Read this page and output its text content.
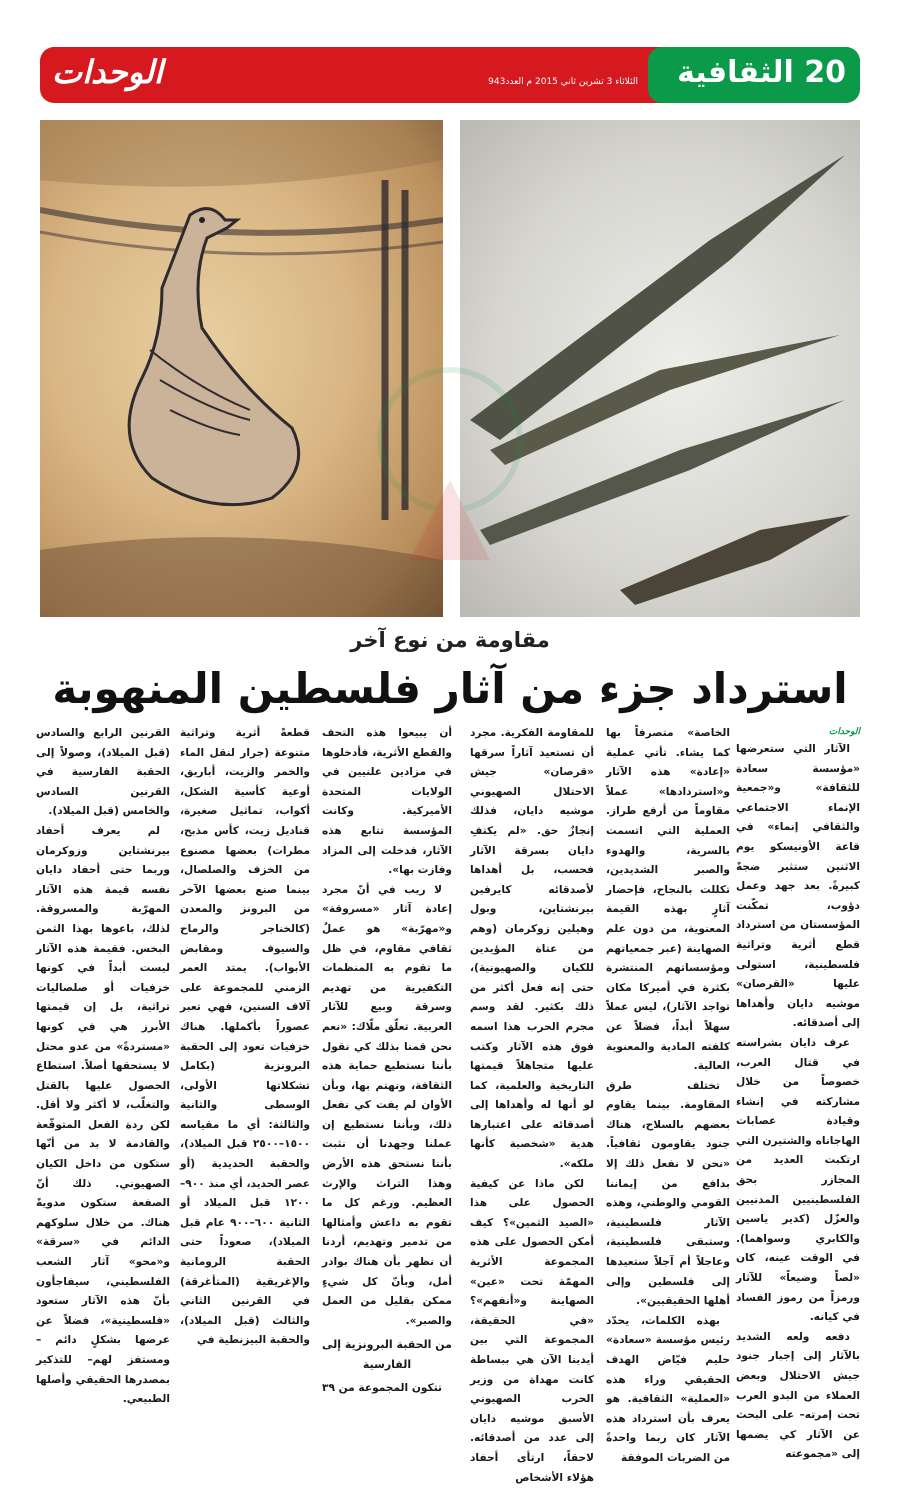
20 الثقافية
الوحدات	الثلاثاء 3 تشرين ثاني 2015 م العدد943
مقاومة من نوع آخر
استرداد جزء من آثار فلسطين المنهوبة
الوحدات

الآثار التي ستعرضها «مؤسسة سعادة للثقافة» و«جمعية الإنماء الاجتماعي والثقافي إنماء» في قاعة الأونيسكو يوم الاثنين ستثير ضجةً كبيرةً. بعد جهد وعمل دؤوب، تمكّنت المؤسستان من استرداد قطع أثرية وتراثية فلسطينية، استولى عليها «القرصان» موشيه دايان وأهداها إلى أصدقائه.

عرف دايان بشراسته في قتال العرب، خصوصاً من خلال مشاركته في إنشاء وقيادة عصابات الهاجاناه والشتيرن التي ارتكبت العديد من المجازر بحق الفلسطينيين المدنيين والعزّل (كدير ياسين والكابري وسواهما). في الوقت عينه، كان «لصاً وضيعاً» للآثار ورمزاً من رموز الفساد في كيانه.

دفعه ولعه الشديد بالآثار إلى إجبار جنود جيش الاحتلال وبعض العملاء من البدو العرب تحت إمرته– على البحث عن الآثار كي يضمها إلى «مجموعته

الخاصة» متصرفاً بها كما يشاء. تأتي عملية «إعادة» هذه الآثار و«استردادها» عملاً مقاوماً من أرفع طراز. العملية التي اتسمت بالسرية، والهدوء والصبر الشديدين، تكللت بالنجاح، فإحضار آثارٍ بهذه القيمة المعنوية، من دون علم الصهاينة (عبر جمعياتهم ومؤسساتهم المنتشرة بكثرة في أميركا مكان تواجد الآثار)، ليس عملاً سهلاً أبداً، فضلاً عن كلفته المادية والمعنوية العالية.

تختلف طرق المقاومة. بينما يقاوم بعضهم بالسلاح، هناك جنود يقاومون ثقافياً. «نحن لا نفعل ذلك إلا بدافع من إيماننا القومي والوطني، وهذه الآثار فلسطينية، وستبقى فلسطينية، وعاجلاً أم آجلاً ستعيدها إلى فلسطين وإلى أهلها الحقيقيين».

بهذه الكلمات، يحدّد رئيس مؤسسة «سعادة» حليم فيّاض الهدف الحقيقي وراء هذه «العملية» الثقافية. هو يعرف بأن استرداد هذه الآثار كان ربما واحدةً من الضربات الموفقة

للمقاومة الفكرية. مجرد أن تستعيد آثاراً سرقها «قرصان» جيش الاحتلال الصهيوني موشيه دايان، فذلك إنجازٌ حق. «لم يكتفِ دايان بسرقة الآثار فحسب، بل أهداها لأصدقائه كايرفين بيرنشتاين، وبول وهيلين زوكرمان (وهم من عتاة المؤيدين للكيان والصهيونية)، حتى إنه فعل أكثر من ذلك بكثير. لقد وسم مجرم الحرب هذا اسمه فوق هذه الآثار وكتب عليها متجاهلاً قيمتها التاريخية والعلمية، كما لو أنها له وأهداها إلى أصدقائه على اعتبارها هدية «شخصية كأنها ملكه».

لكن ماذا عن كيفية الحصول على هذا «الصيد الثمين»؟ كيف أمكن الحصول على هذه المجموعة الأثرية المهمّة تحت «عين» الصهاينة و«أنفهم»؟ «في الحقيقة، المجموعة التي بين أيدينا الآن هي ببساطة كانت مهداة من وزير الحرب الصهيوني الأسبق موشيه دايان إلى عدد من أصدقائه. لاحقاً، ارتأى أحفاد هؤلاء الأشخاص

أن يبيعوا هذه التحف والقطع الأثرية، فأدخلوها في مزادين علنيين في الولايات المتحدة الأميركية. وكانت المؤسسة تتابع هذه الآثار، فدخلت إلى المزاد وفازت بها».

لا ريب في أنّ مجرد إعادة آثار «مسروقة» و«مهرّبة» هو عملٌ ثقافي مقاوم، في ظل ما تقوم به المنظمات التكفيرية من تهديم وسرقة وبيع للآثار العربية. تعلّق ملّاك: «نعم نحن قمنا بذلك كي نقول بأننا نستطيع حماية هذه الثقافة، ونهتم بها، وبأن الأوان لم يفت كي نفعل ذلك، وبأننا نستطيع إن عملنا وجهدنا أن نثبت بأننا نستحق هذه الأرض وهذا التراث والإرث العظيم. ورغم كل ما تقوم به داعش وأمثالها من تدمير وتهديم، أردنا أن نظهر بأن هناك بوادر أمل، وبأنّ كل شيءٍ ممكن بقليل من العمل والصبر».

من الحقبة البرونزية إلى الفارسية

تتكون المجموعة من ٣٩

قطعةً أثرية وتراثية متنوعة (جرار لنقل الماء والخمر والزيت، أباريق، أوعية كأسية الشكل، أكواب، تماثيل صغيرة، قناديل زيت، كأس مذبح، مطرات) بعضها مصنوع من الخزف والصلصال، بينما صنع بعضها الآخر من البرونز والمعدن (كالخناجر والرماح والسيوف ومقابض الأبواب). يمتد العمر الزمني للمجموعة على آلاف السنين، فهي تعبر عصوراً بأكملها. هناك خزفيات تعود إلى الحقبة البرونزية (بكامل تشكلاتها الأولى، الوسطى والثانية والثالثة: أي ما مقياسه ١٥٠٠–٢٥٠٠ قبل الميلاد)، والحقبة الحديدية (أو عصر الحديد، أي منذ ٩٠٠–١٢٠٠ قبل الميلاد أو الثانية ٦٠٠–٩٠٠ عام قبل الميلاد)، صعوداً حتى الحقبة الرومانية والإغريقية (المتأغرقة) في القرنين الثاني والثالث (قبل الميلاد)، والحقبة البيزنطية في

القرنين الرابع والسادس (قبل الميلاد)، وصولاً إلى الحقبة الفارسية في القرنين السادس والخامس (قبل الميلاد).

لم يعرف أحفاد بيرنشتاين وزوكرمان وربما حتى أحفاد دايان نفسه قيمة هذه الآثار المهرّبة والمسروقة. لذلك، باعوها بهذا الثمن البخس. فقيمة هذه الآثار ليست أبداً في كونها خزفيات أو صلصاليات تراثية، بل إن قيمتها الأبرز هي في كونها «مستردةً» من عدو محتل لا يستحقها أصلاً. استطاع الحصول عليها بالقتل والتغلّب، لا أكثر ولا أقل. لكن ردة الفعل المتوقّعة والقادمة لا بد من أنّها ستكون من داخل الكيان الصهيوني. ذلك أنّ الصفعة ستكون مدويةً هناك. من خلال سلوكهم الدائم في «سرقة» و«محو» آثار الشعب الفلسطيني، سيفاجأون بأنّ هذه الآثار ستعود «فلسطينية»، فضلاً عن عرضها بشكلٍ دائم – ومستفز لهم– للتذكير بمصدرها الحقيقي وأصلها الطبيعي.
